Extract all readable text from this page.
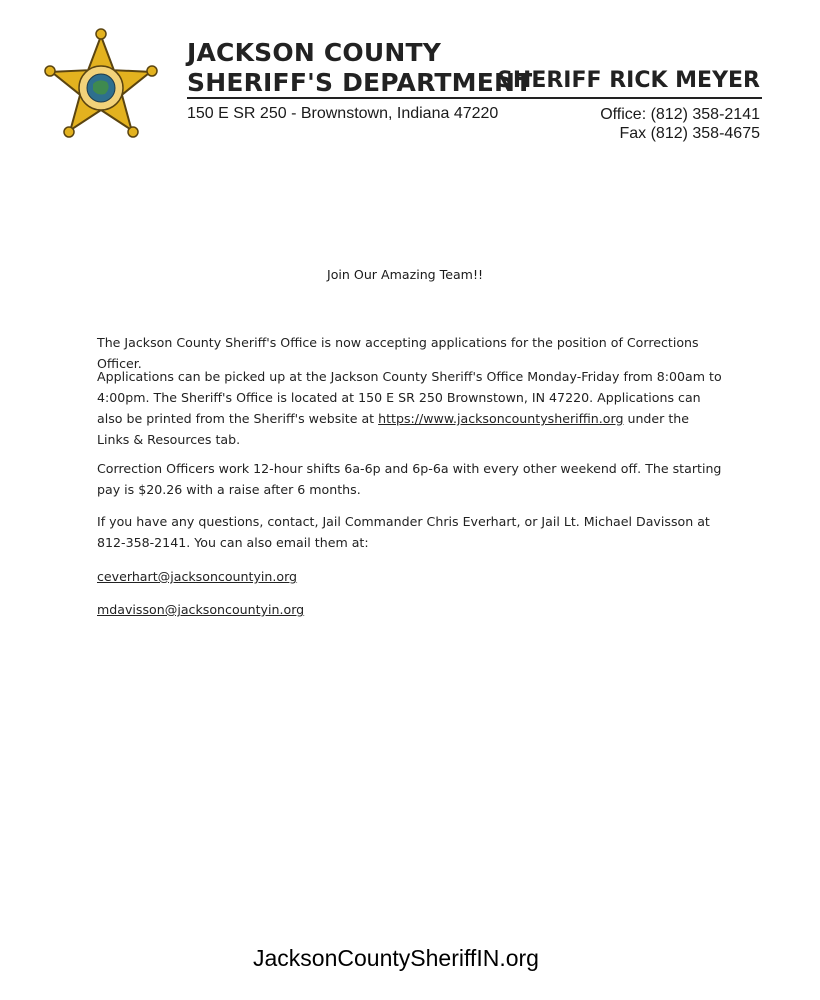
JACKSON COUNTY
SHERIFF'S DEPARTMENT
SHERIFF RICK MEYER
150 E SR 250 - Brownstown, Indiana 47220	Office: (812) 358-2141
Fax (812) 358-4675
Join Our Amazing Team!!

The Jackson County Sheriff's Office is now accepting applications for the position of Corrections Officer.

Applications can be picked up at the Jackson County Sheriff's Office Monday-Friday from 8:00am to 4:00pm. The Sheriff's Office is located at 150 E SR 250 Brownstown, IN 47220. Applications can also be printed from the Sheriff's website at https://www.jacksoncountysheriffin.org under the Links & Resources tab.

Correction Officers work 12-hour shifts 6a-6p and 6p-6a with every other weekend off. The starting pay is $20.26 with a raise after 6 months.

If you have any questions, contact, Jail Commander Chris Everhart, or Jail Lt. Michael Davisson at 812-358-2141. You can also email them at:

ceverhart@jacksoncountyin.org

mdavisson@jacksoncountyin.org

JacksonCountySheriffIN.org
